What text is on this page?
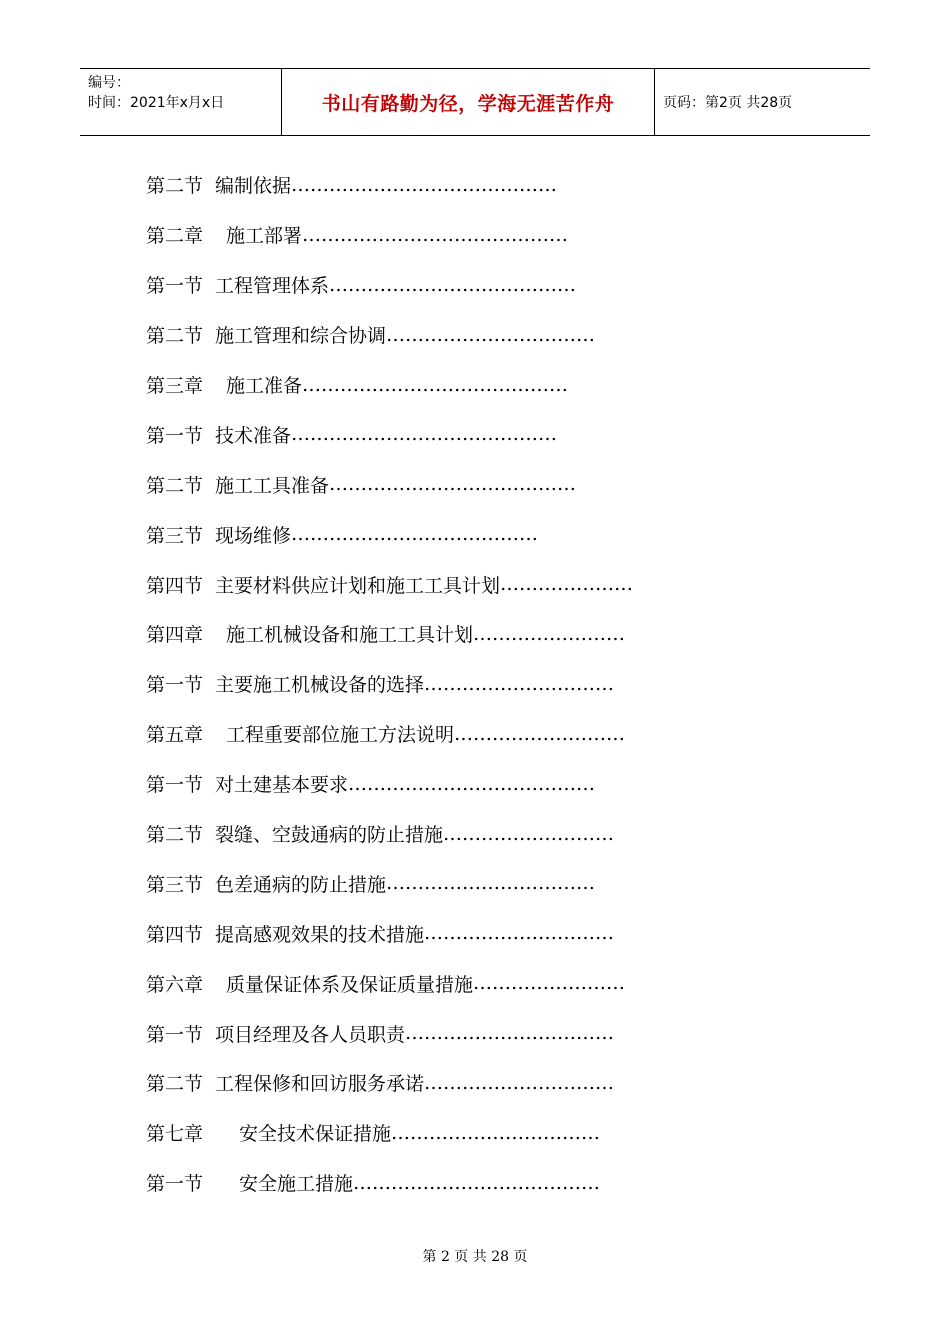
编号：
时间：2021年x月x日	书山有路勤为径，学海无涯苦作舟	页码：第2页 共28页
第二节 编制依据 ……………………………………
第二章 施工部署 ……………………………………
第一节 工程管理体系 …………………………………
第二节 施工管理和综合协调 ……………………………
第三章 施工准备 ……………………………………
第一节 技术准备 ……………………………………
第二节 施工工具准备 …………………………………
第三节 现场维修 …………………………………
第四节 主要材料供应计划和施工工具计划 …………………
第四章 施工机械设备和施工工具计划 ……………………
第一节 主要施工机械设备的选择 …………………………
第五章 工程重要部位施工方法说明 ………………………
第一节 对土建基本要求 …………………………………
第二节 裂缝、空鼓通病的防止措施 ………………………
第三节 色差通病的防止措施 ……………………………
第四节 提高感观效果的技术措施 …………………………
第六章 质量保证体系及保证质量措施 ……………………
第一节 项目经理及各人员职责 ……………………………
第二节 工程保修和回访服务承诺 …………………………
第七章 安全技术保证措施 ……………………………
第一节 安全施工措施 …………………………………
第 2 页 共 28 页
